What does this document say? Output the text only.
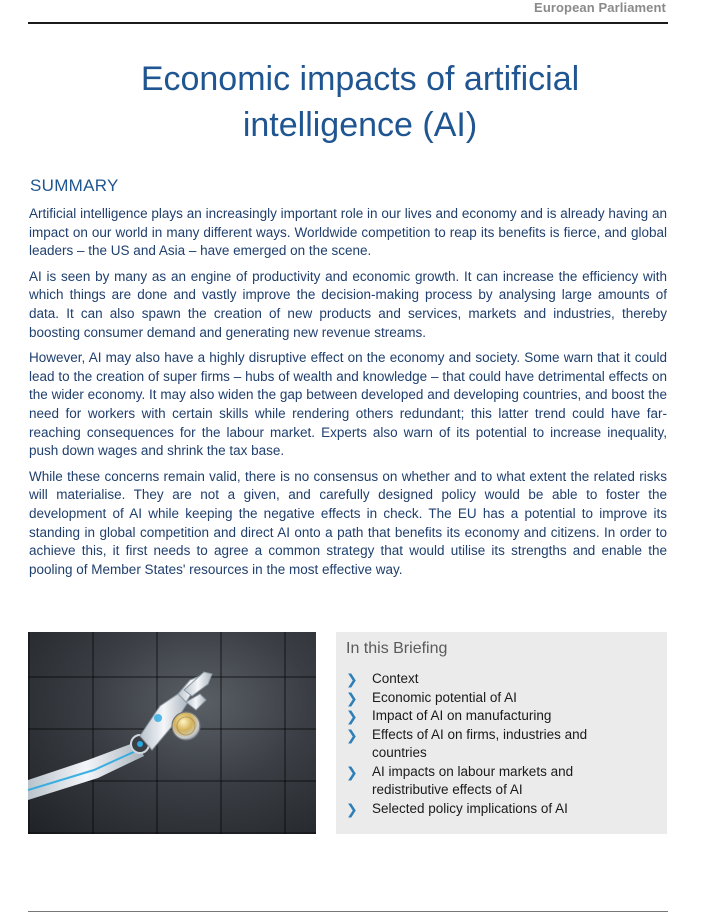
European Parliament
Economic impacts of artificial
intelligence (AI)
SUMMARY

Artificial intelligence plays an increasingly important role in our lives and economy and is already having an impact on our world in many different ways. Worldwide competition to reap its benefits is fierce, and global leaders – the US and Asia – have emerged on the scene.

AI is seen by many as an engine of productivity and economic growth. It can increase the efficiency with which things are done and vastly improve the decision-making process by analysing large amounts of data. It can also spawn the creation of new products and services, markets and industries, thereby boosting consumer demand and generating new revenue streams.

However, AI may also have a highly disruptive effect on the economy and society. Some warn that it could lead to the creation of super firms – hubs of wealth and knowledge – that could have detrimental effects on the wider economy. It may also widen the gap between developed and developing countries, and boost the need for workers with certain skills while rendering others redundant; this latter trend could have far-reaching consequences for the labour market. Experts also warn of its potential to increase inequality, push down wages and shrink the tax base.

While these concerns remain valid, there is no consensus on whether and to what extent the related risks will materialise. They are not a given, and carefully designed policy would be able to foster the development of AI while keeping the negative effects in check. The EU has a potential to improve its standing in global competition and direct AI onto a path that benefits its economy and citizens. In order to achieve this, it first needs to agree a common strategy that would utilise its strengths and enable the pooling of Member States' resources in the most effective way.

In this Briefing
❯ Context
❯ Economic potential of AI
❯ Impact of AI on manufacturing
❯ Effects of AI on firms, industries and countries
❯ AI impacts on labour markets and redistributive effects of AI
❯ Selected policy implications of AI
